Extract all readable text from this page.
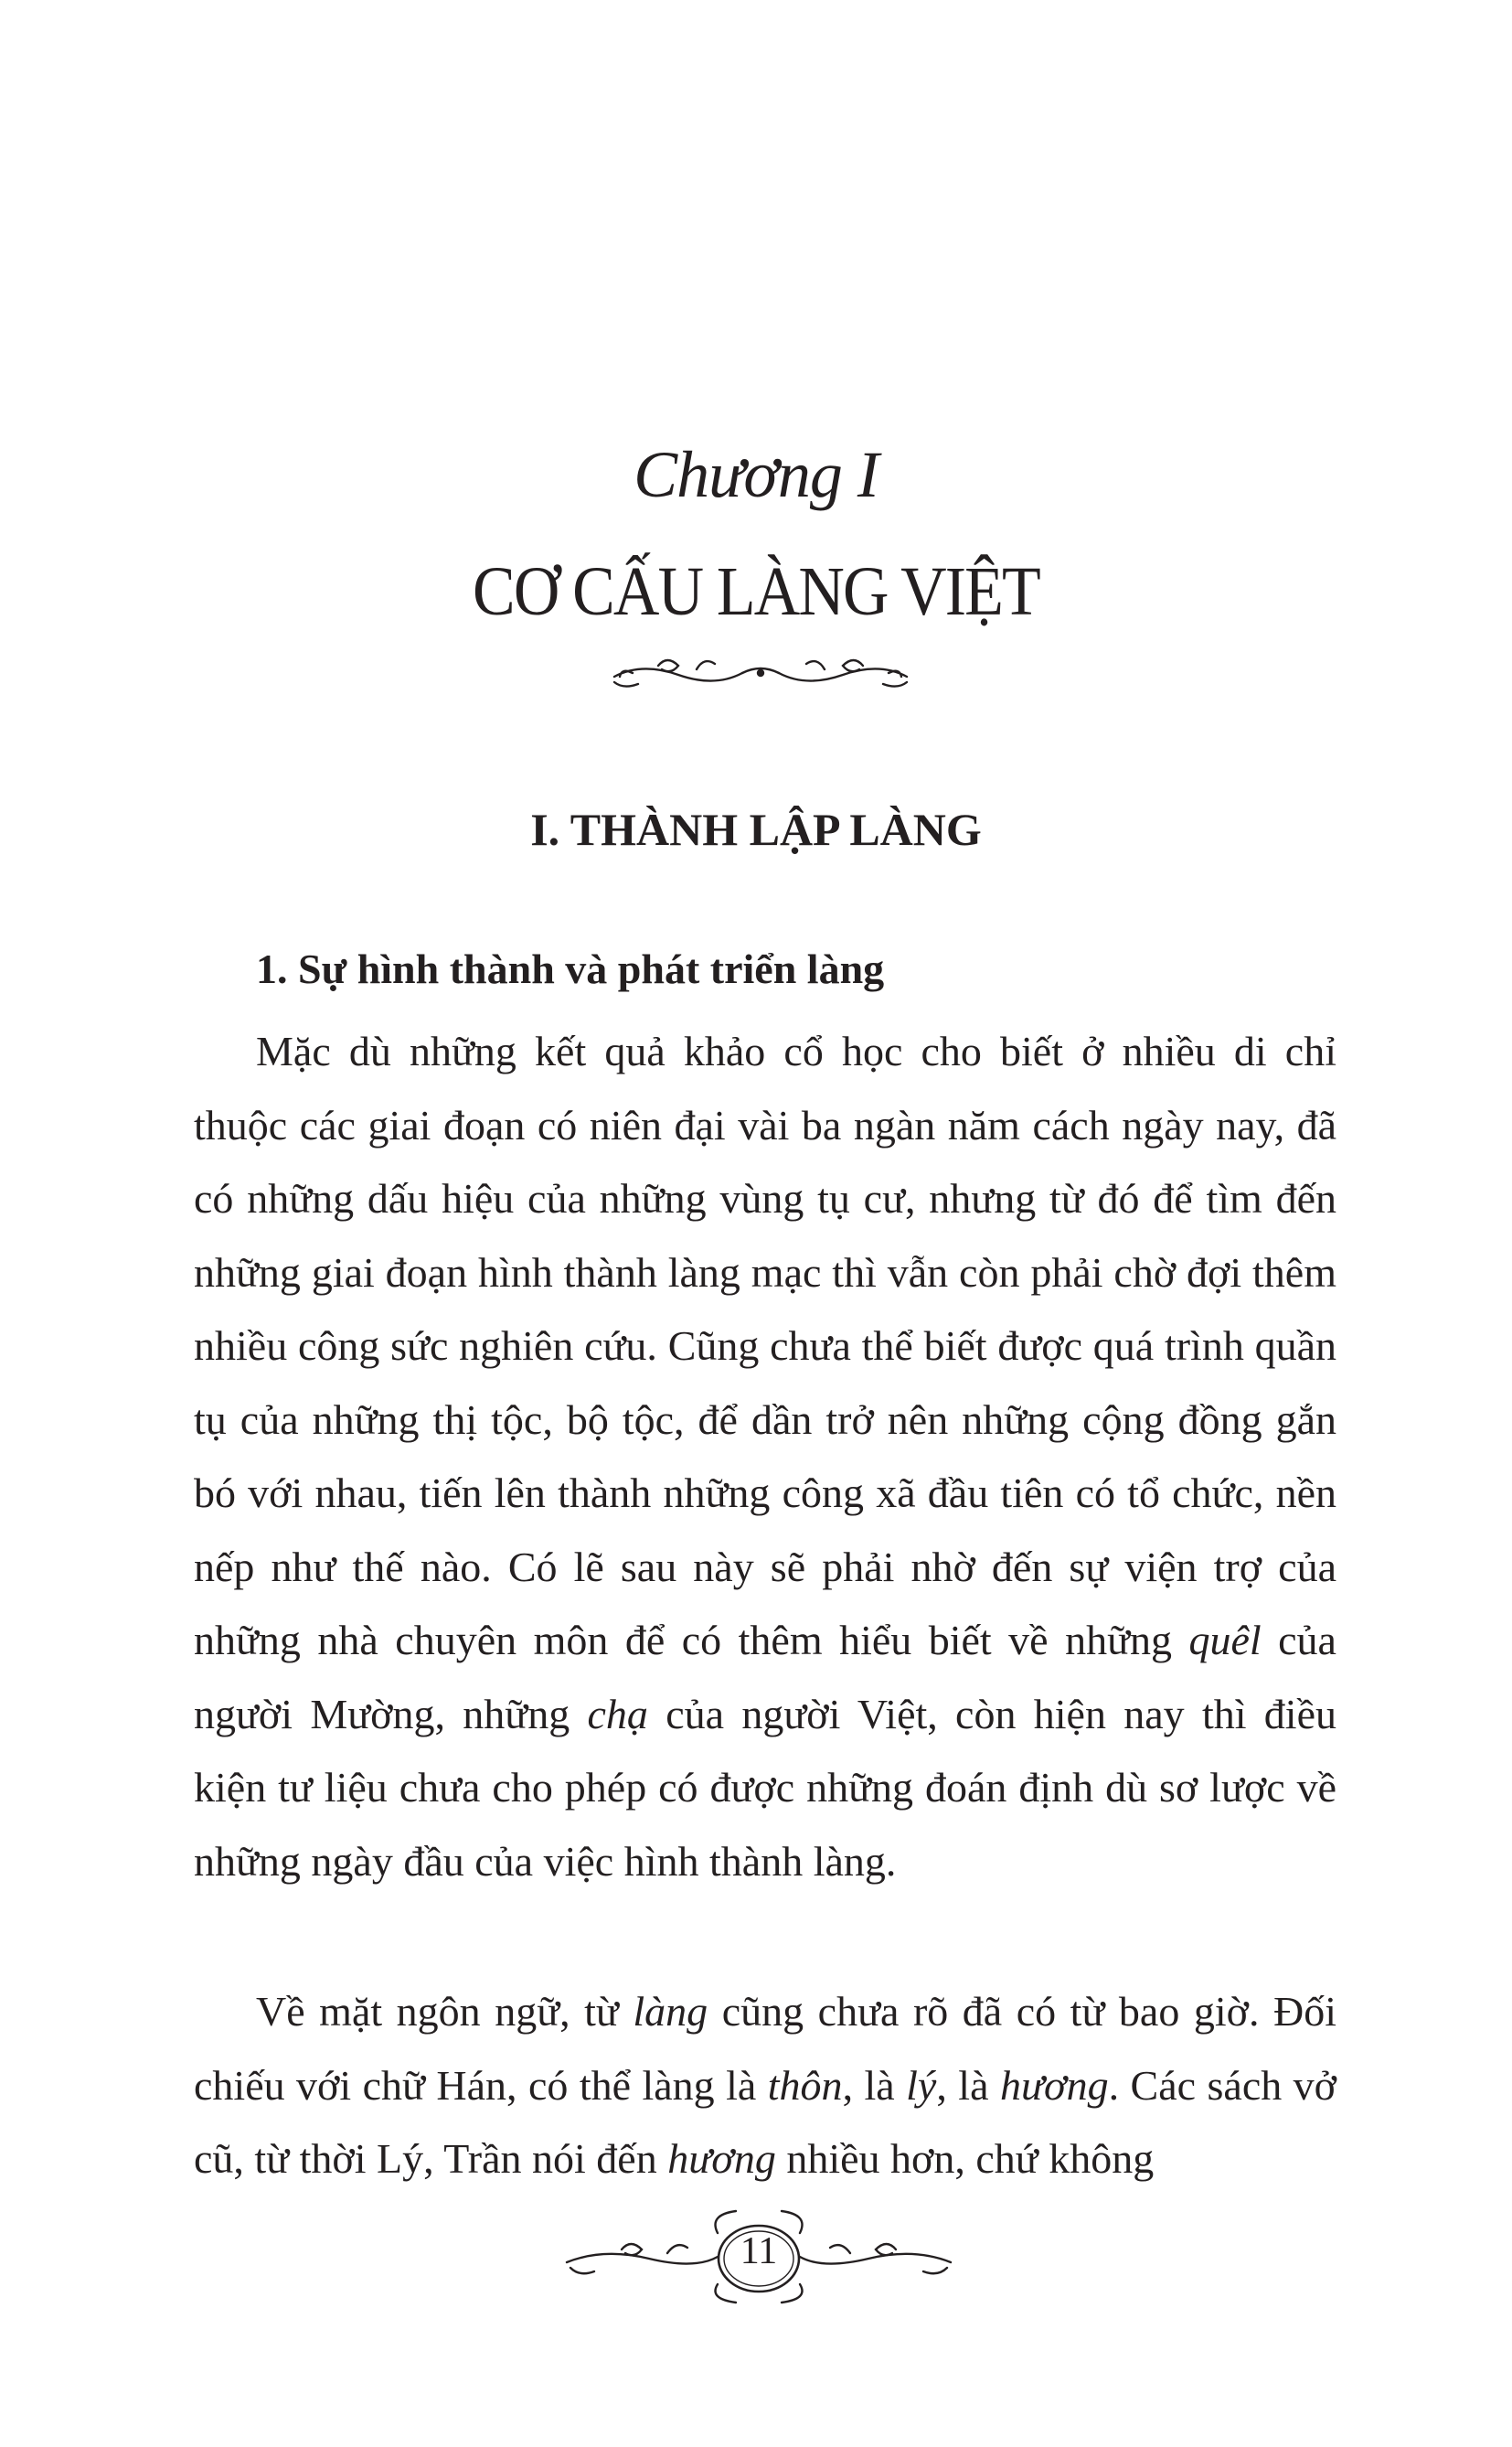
Chương I
CƠ CẤU LÀNG VIỆT
I. THÀNH LẬP LÀNG
1. Sự hình thành và phát triển làng

Mặc dù những kết quả khảo cổ học cho biết ở nhiều di chỉ thuộc các giai đoạn có niên đại vài ba ngàn năm cách ngày nay, đã có những dấu hiệu của những vùng tụ cư, nhưng từ đó để tìm đến những giai đoạn hình thành làng mạc thì vẫn còn phải chờ đợi thêm nhiều công sức nghiên cứu. Cũng chưa thể biết được quá trình quần tụ của những thị tộc, bộ tộc, để dần trở nên những cộng đồng gắn bó với nhau, tiến lên thành những công xã đầu tiên có tổ chức, nền nếp như thế nào. Có lẽ sau này sẽ phải nhờ đến sự viện trợ của những nhà chuyên môn để có thêm hiểu biết về những quêl của người Mường, những chạ của người Việt, còn hiện nay thì điều kiện tư liệu chưa cho phép có được những đoán định dù sơ lược về những ngày đầu của việc hình thành làng.

Về mặt ngôn ngữ, từ làng cũng chưa rõ đã có từ bao giờ. Đối chiếu với chữ Hán, có thể làng là thôn, là lý, là hương. Các sách vở cũ, từ thời Lý, Trần nói đến hương nhiều hơn, chứ không

11
